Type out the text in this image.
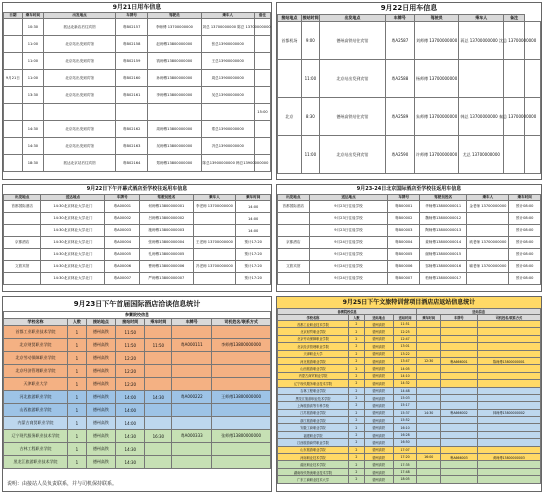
9月21日用车信息
日期	乘车时间	出发地点	车牌号	驾驶员	乘车人	备注
	10:30	抵达北新店后往宾馆	粤B02157	李师傅 13700000000	刘总 13700000000 陈总 13700000000	
	11:00	北京站出发到宾馆	粤B02158	赵师傅13800000000	张总13900000000	
	11:00	北京站出发到宾馆	粤B02159	钱师傅13800000000	王总13900000000	
9月21日	11:00	北京站出发到宾馆	粤B02160	孙师傅13800000000	周总13900000000	
	13:30	北京站出发到宾馆	粤B02161	李师傅13800000000	吴总13900000000	
						15:00
	14:30	北京站出发到宾馆	粤B02162	周师傅13800000000	郑总13900000000	
	14:30	北京站出发到宾馆	粤B02163	吴师傅13800000000	冯总13900000000	
	18:30	抵达北京站后往宾馆	粤B02164	郑师傅13800000000	陈总13900000000 韩总13900000000	
9月22日用车信息
接站地点	接站时间	出发地点	车牌号	驾驶员	乘车人	备注	
首都机场	9:00	德州高铁站往宾馆	粤A2587	刘师傅 13700000000	蒋总 13700000000 沈总 13700000000		
	11:00	北京站出发到宾馆	粤A2588	杨师傅 13700000000			
北京	8:30	德州高铁站往宾馆	粤A2589	朱师傅 13700000000	韩总 13700000000 秦总 13700000000		
	11:00	北京站出发到宾馆	粤A2590	许师傅 13700000000	尤总 13700000000		
9月22日下午开幕式酒店至学校往返用车信息
出发地点	送达地点	车牌号	驾驶员姓名	乘车人	乘车时间
首都国际酒店	14:30北京林业大学北门	粤A00001	何师傅13800000001	李老师 13700000000	14:00
	14:30北京林业大学北门	粤A00002	吕师傅13800000002		14:00
	14:30北京林业大学北门	粤A00003	施师傅13800000003		14:00
京都酒店	14:30北京林业大学北门	粤A00004	张师傅13800000004	王老师 13700000000	预计17:20
	14:30北京林业大学北门	粤A00005	孔师傅13800000005		预计17:20
文旅宾馆	14:30北京林业大学北门	粤A00006	曹师傅13800000006	冯老师 13700000000	预计17:20
	14:30北京林业大学北门	粤A00007	严师傅13800000007		预计17:20
9月23-24日北京国际酒店至学校往返用车信息
出发地点	送达地点	车牌号	驾驶员姓名	乘车人	乘车时间
首都国际酒店	9月23日往返学校	粤B00001	华师傅13800000011	金老师 13700000000	预计08:00
	9月23日往返学校	粤B00002	魏师傅13800000012		预计08:00
	9月23日往返学校	粤B00003	陶师傅13800000013		预计08:00
京都酒店	9月24日往返学校	粤B00004	姜师傅13800000014	戚老师 13700000000	预计08:00
	9月24日往返学校	粤B00005	谢师傅13800000015		预计08:00
文旅宾馆	9月24日往返学校	粤B00006	邹师傅13800000016	喻老师 13700000000	预计08:00
	9月24日往返学校	粤B00007	柏师傅13800000017		预计08:00
9月23日下午首届国际酒店洽谈信息统计
参赛院校信息						
学校名称	人数	接站地点	接站时间	乘车时间	车牌号	司机姓名/联系方式
首都工业职业技术学院	1	德州高铁	11:50			
北京财贸职业学院	1	德州高铁	11:50	11:50	粤A000111	李师傅13800000000
北京劳动保障职业学院	1	德州高铁	12:20			
北京经济管理职业学院	1	德州高铁	12:20			
天津职业大学	1	德州高铁	12:20			
河北旅游职业学院	1	德州高铁	14:00	14:30	粤A000222	王师傅13800000000
山西旅游职业学院	1	德州高铁	14:00			
内蒙古商贸职业学院	1	德州高铁	14:00			
辽宁现代服务职业技术学院	1	德州高铁	14:30	16:30	粤A000333	张师傅13800000000
吉林工程职业学院	1	德州高铁	14:30			
黑龙江旅游职业技术学院	1	德州高铁	14:30			
说明：由接站人员负责联系，并与司机保持联系。
9月25日下午文旅特训营项目酒店店返站信息统计
参赛院校信息				送站信息		
学校名称	人数	送站地点	送站时间	乘车时间	车牌号	司机姓名/联系方式
首都工业职业技术学院	2	德州高铁	11:51			
北京财贸职业学院	2	德州高铁	12:25			
北京劳动保障职业学院	2	德州高铁	12:47			
北京经济管理职业学院	2	德州高铁	13:01			
天津职业大学	2	德州高铁	13:22			
河北旅游职业学院	2	德州高铁	13:47	12:30	粤A666001	陈师傅13800000001
山西旅游职业学院	2	德州高铁	14:05			
内蒙古商贸职业学院	2	德州高铁	14:10			
辽宁现代服务职业技术学院	2	德州高铁	14:32			
吉林工程职业学院	2	德州高铁	14:48			
黑龙江旅游职业技术学院	2	德州高铁	15:03			
上海旅游高等专科学校	2	德州高铁	15:17			
江苏旅游职业学院	2	德州高铁	15:37	14:30	粤A666002	林师傅13800000002
浙江旅游职业学院	2	德州高铁	15:52			
安徽工商职业学院	2	德州高铁	16:10			
福建职业学院	2	德州高铁	16:28			
江西旅游商贸职业学院	2	德州高铁	16:50			
山东旅游职业学院	2	德州高铁	17:07			
河南职业技术学院	2	德州高铁	17:20	16:00	粤A666003	黄师傅13800000003
湖北职业技术学院	2	德州高铁	17:35			
湖南现代物流职业技术学院	2	德州高铁	17:48			
广东工商职业技术大学	2	德州高铁	18:05			
